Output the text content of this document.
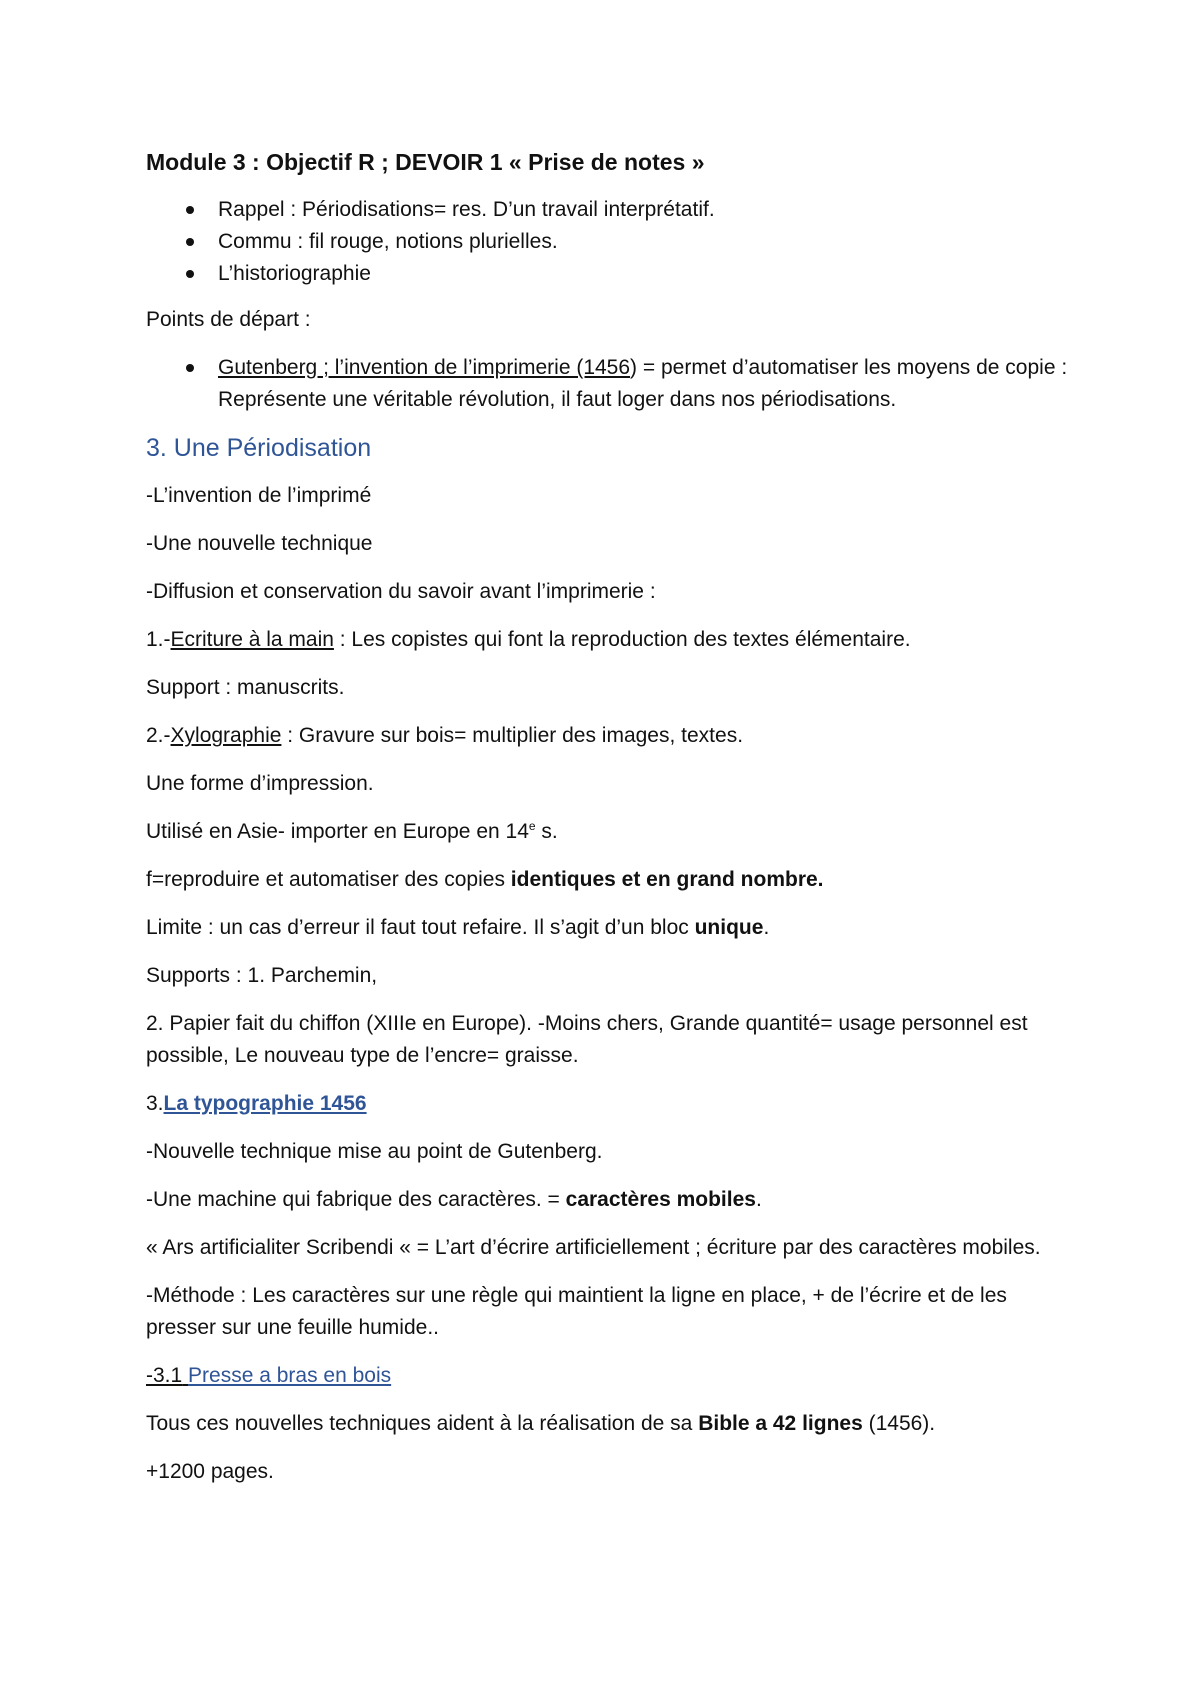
Module 3 : Objectif R ; DEVOIR 1 « Prise de notes »
Rappel : Périodisations= res. D’un travail interprétatif.
Commu : fil rouge, notions plurielles.
L’historiographie

Points de départ :

Gutenberg ; l’invention de l’imprimerie (1456) = permet d’automatiser les moyens de copie : Représente une véritable révolution, il faut loger dans nos périodisations.
3. Une Périodisation

-L’invention de l’imprimé

-Une nouvelle technique

-Diffusion et conservation du savoir avant l’imprimerie :

1.-Ecriture à la main : Les copistes qui font la reproduction des textes élémentaire.

Support : manuscrits.

2.-Xylographie : Gravure sur bois= multiplier des images, textes.

Une forme d’impression.

Utilisé en Asie- importer en Europe en 14e s.

f=reproduire et automatiser des copies identiques et en grand nombre.

Limite : un cas d’erreur il faut tout refaire. Il s’agit d’un bloc unique.

Supports : 1. Parchemin,

2. Papier fait du chiffon (XIIIe en Europe). -Moins chers, Grande quantité= usage personnel est possible, Le nouveau type de l’encre= graisse.

3.La typographie 1456

-Nouvelle technique mise au point de Gutenberg.

-Une machine qui fabrique des caractères. = caractères mobiles.

« Ars artificialiter Scribendi « = L’art d’écrire artificiellement ; écriture par des caractères mobiles.

-Méthode : Les caractères sur une règle qui maintient la ligne en place, + de l’écrire et de les presser sur une feuille humide..

-3.1 Presse a bras en bois

Tous ces nouvelles techniques aident à la réalisation de sa Bible a 42 lignes (1456).

+1200 pages.
